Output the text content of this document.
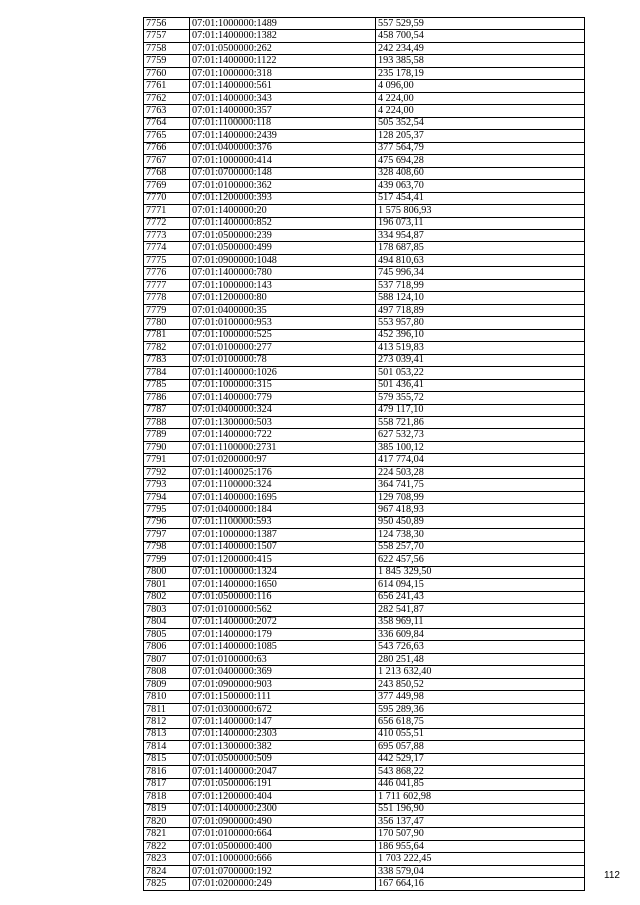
7756	07:01:1000000:1489	557 529,59
7757	07:01:1400000:1382	458 700,54
7758	07:01:0500000:262	242 234,49
7759	07:01:1400000:1122	193 385,58
7760	07:01:1000000:318	235 178,19
7761	07:01:1400000:561	4 096,00
7762	07:01:1400000:343	4 224,00
7763	07:01:1400000:357	4 224,00
7764	07:01:1100000:118	505 352,54
7765	07:01:1400000:2439	128 205,37
7766	07:01:0400000:376	377 564,79
7767	07:01:1000000:414	475 694,28
7768	07:01:0700000:148	328 408,60
7769	07:01:0100000:362	439 063,70
7770	07:01:1200000:393	517 454,41
7771	07:01:1400000:20	1 575 806,93
7772	07:01:1400000:852	196 073,11
7773	07:01:0500000:239	334 954,87
7774	07:01:0500000:499	178 687,85
7775	07:01:0900000:1048	494 810,63
7776	07:01:1400000:780	745 996,34
7777	07:01:1000000:143	537 718,99
7778	07:01:1200000:80	588 124,10
7779	07:01:0400000:35	497 718,89
7780	07:01:0100000:953	553 957,80
7781	07:01:1000000:525	452 396,10
7782	07:01:0100000:277	413 519,83
7783	07:01:0100000:78	273 039,41
7784	07:01:1400000:1026	501 053,22
7785	07:01:1000000:315	501 436,41
7786	07:01:1400000:779	579 355,72
7787	07:01:0400000:324	479 117,10
7788	07:01:1300000:503	558 721,86
7789	07:01:1400000:722	627 532,73
7790	07:01:1100000:2731	385 100,12
7791	07:01:0200000:97	417 774,04
7792	07:01:1400025:176	224 503,28
7793	07:01:1100000:324	364 741,75
7794	07:01:1400000:1695	129 708,99
7795	07:01:0400000:184	967 418,93
7796	07:01:1100000:593	950 450,89
7797	07:01:1000000:1387	124 738,30
7798	07:01:1400000:1507	558 257,70
7799	07:01:1200000:415	622 457,56
7800	07:01:1000000:1324	1 845 329,50
7801	07:01:1400000:1650	614 094,15
7802	07:01:0500000:116	656 241,43
7803	07:01:0100000:562	282 541,87
7804	07:01:1400000:2072	358 969,11
7805	07:01:1400000:179	336 609,84
7806	07:01:1400000:1085	543 726,63
7807	07:01:0100000:63	280 251,48
7808	07:01:0400000:369	1 213 632,40
7809	07:01:0900000:903	243 850,52
7810	07:01:1500000:111	377 449,98
7811	07:01:0300000:672	595 289,36
7812	07:01:1400000:147	656 618,75
7813	07:01:1400000:2303	410 055,51
7814	07:01:1300000:382	695 057,88
7815	07:01:0500000:509	442 529,17
7816	07:01:1400000:2047	543 868,22
7817	07:01:0500006:191	446 041,85
7818	07:01:1200000:404	1 711 602,98
7819	07:01:1400000:2300	551 196,90
7820	07:01:0900000:490	356 137,47
7821	07:01:0100000:664	170 507,90
7822	07:01:0500000:400	186 955,64
7823	07:01:1000000:666	1 703 222,45
7824	07:01:0700000:192	338 579,04
7825	07:01:0200000:249	167 664,16
112
